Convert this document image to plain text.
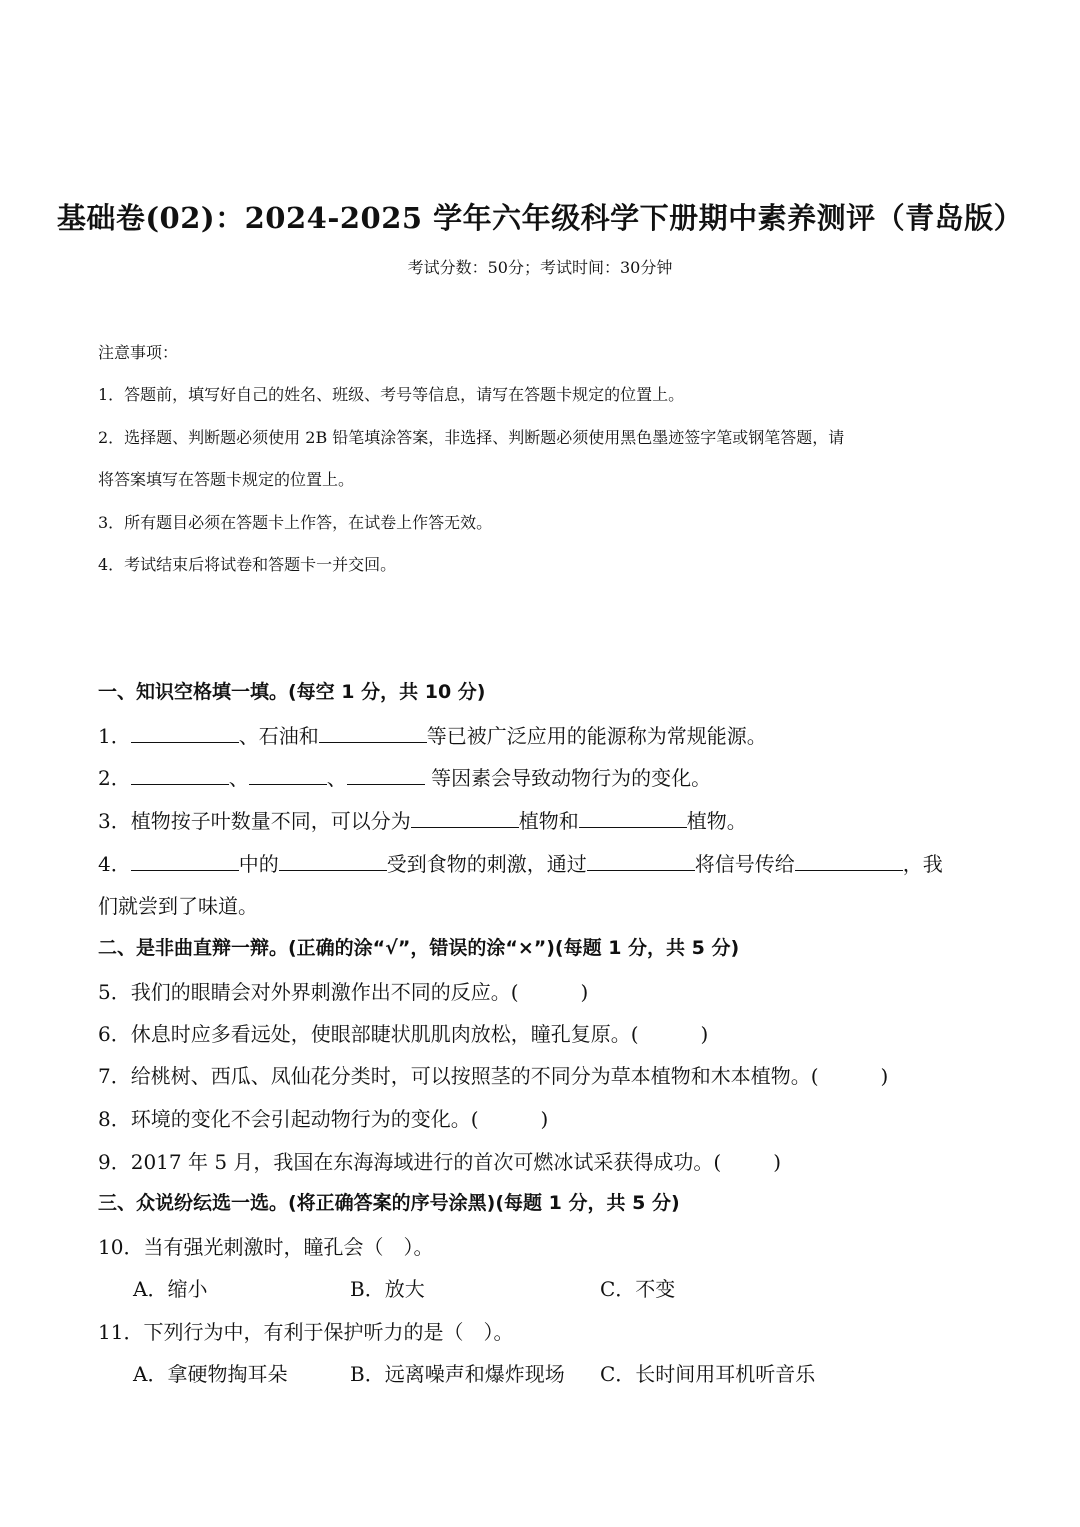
基础卷(02)：2024-2025 学年六年级科学下册期中素养测评（青岛版）
考试分数：50分；考试时间：30分钟
注意事项：
1．答题前，填写好自己的姓名、班级、考号等信息，请写在答题卡规定的位置上。
2．选择题、判断题必须使用 2B 铅笔填涂答案，非选择、判断题必须使用黑色墨迹签字笔或钢笔答题，请
将答案填写在答题卡规定的位置上。
3．所有题目必须在答题卡上作答，在试卷上作答无效。
4．考试结束后将试卷和答题卡一并交回。
一、知识空格填一填。(每空 1 分，共 10 分)
1．	、石油和	等已被广泛应用的能源称为常规能源。
2．	、	、	等因素会导致动物行为的变化。
3．植物按子叶数量不同，可以分为	植物和	植物。
4．	中的	受到食物的刺激，通过	将信号传给	，我
们就尝到了味道。
二、是非曲直辩一辩。(正确的涂“√”，错误的涂“×”)(每题 1 分，共 5 分)
5．我们的眼睛会对外界刺激作出不同的反应。(	)
6．休息时应多看远处，使眼部睫状肌肌肉放松，瞳孔复原。(	)
7．给桃树、西瓜、凤仙花分类时，可以按照茎的不同分为草本植物和木本植物。(	)
8．环境的变化不会引起动物行为的变化。(	)
9．2017 年 5 月，我国在东海海域进行的首次可燃冰试采获得成功。(	)
三、众说纷纭选一选。(将正确答案的序号涂黑)(每题 1 分，共 5 分)
10．当有强光刺激时，瞳孔会（　）。
A．缩小	B．放大	C．不变
11．下列行为中，有利于保护听力的是（　）。
A．拿硬物掏耳朵	B．远离噪声和爆炸现场 C．长时间用耳机听音乐
